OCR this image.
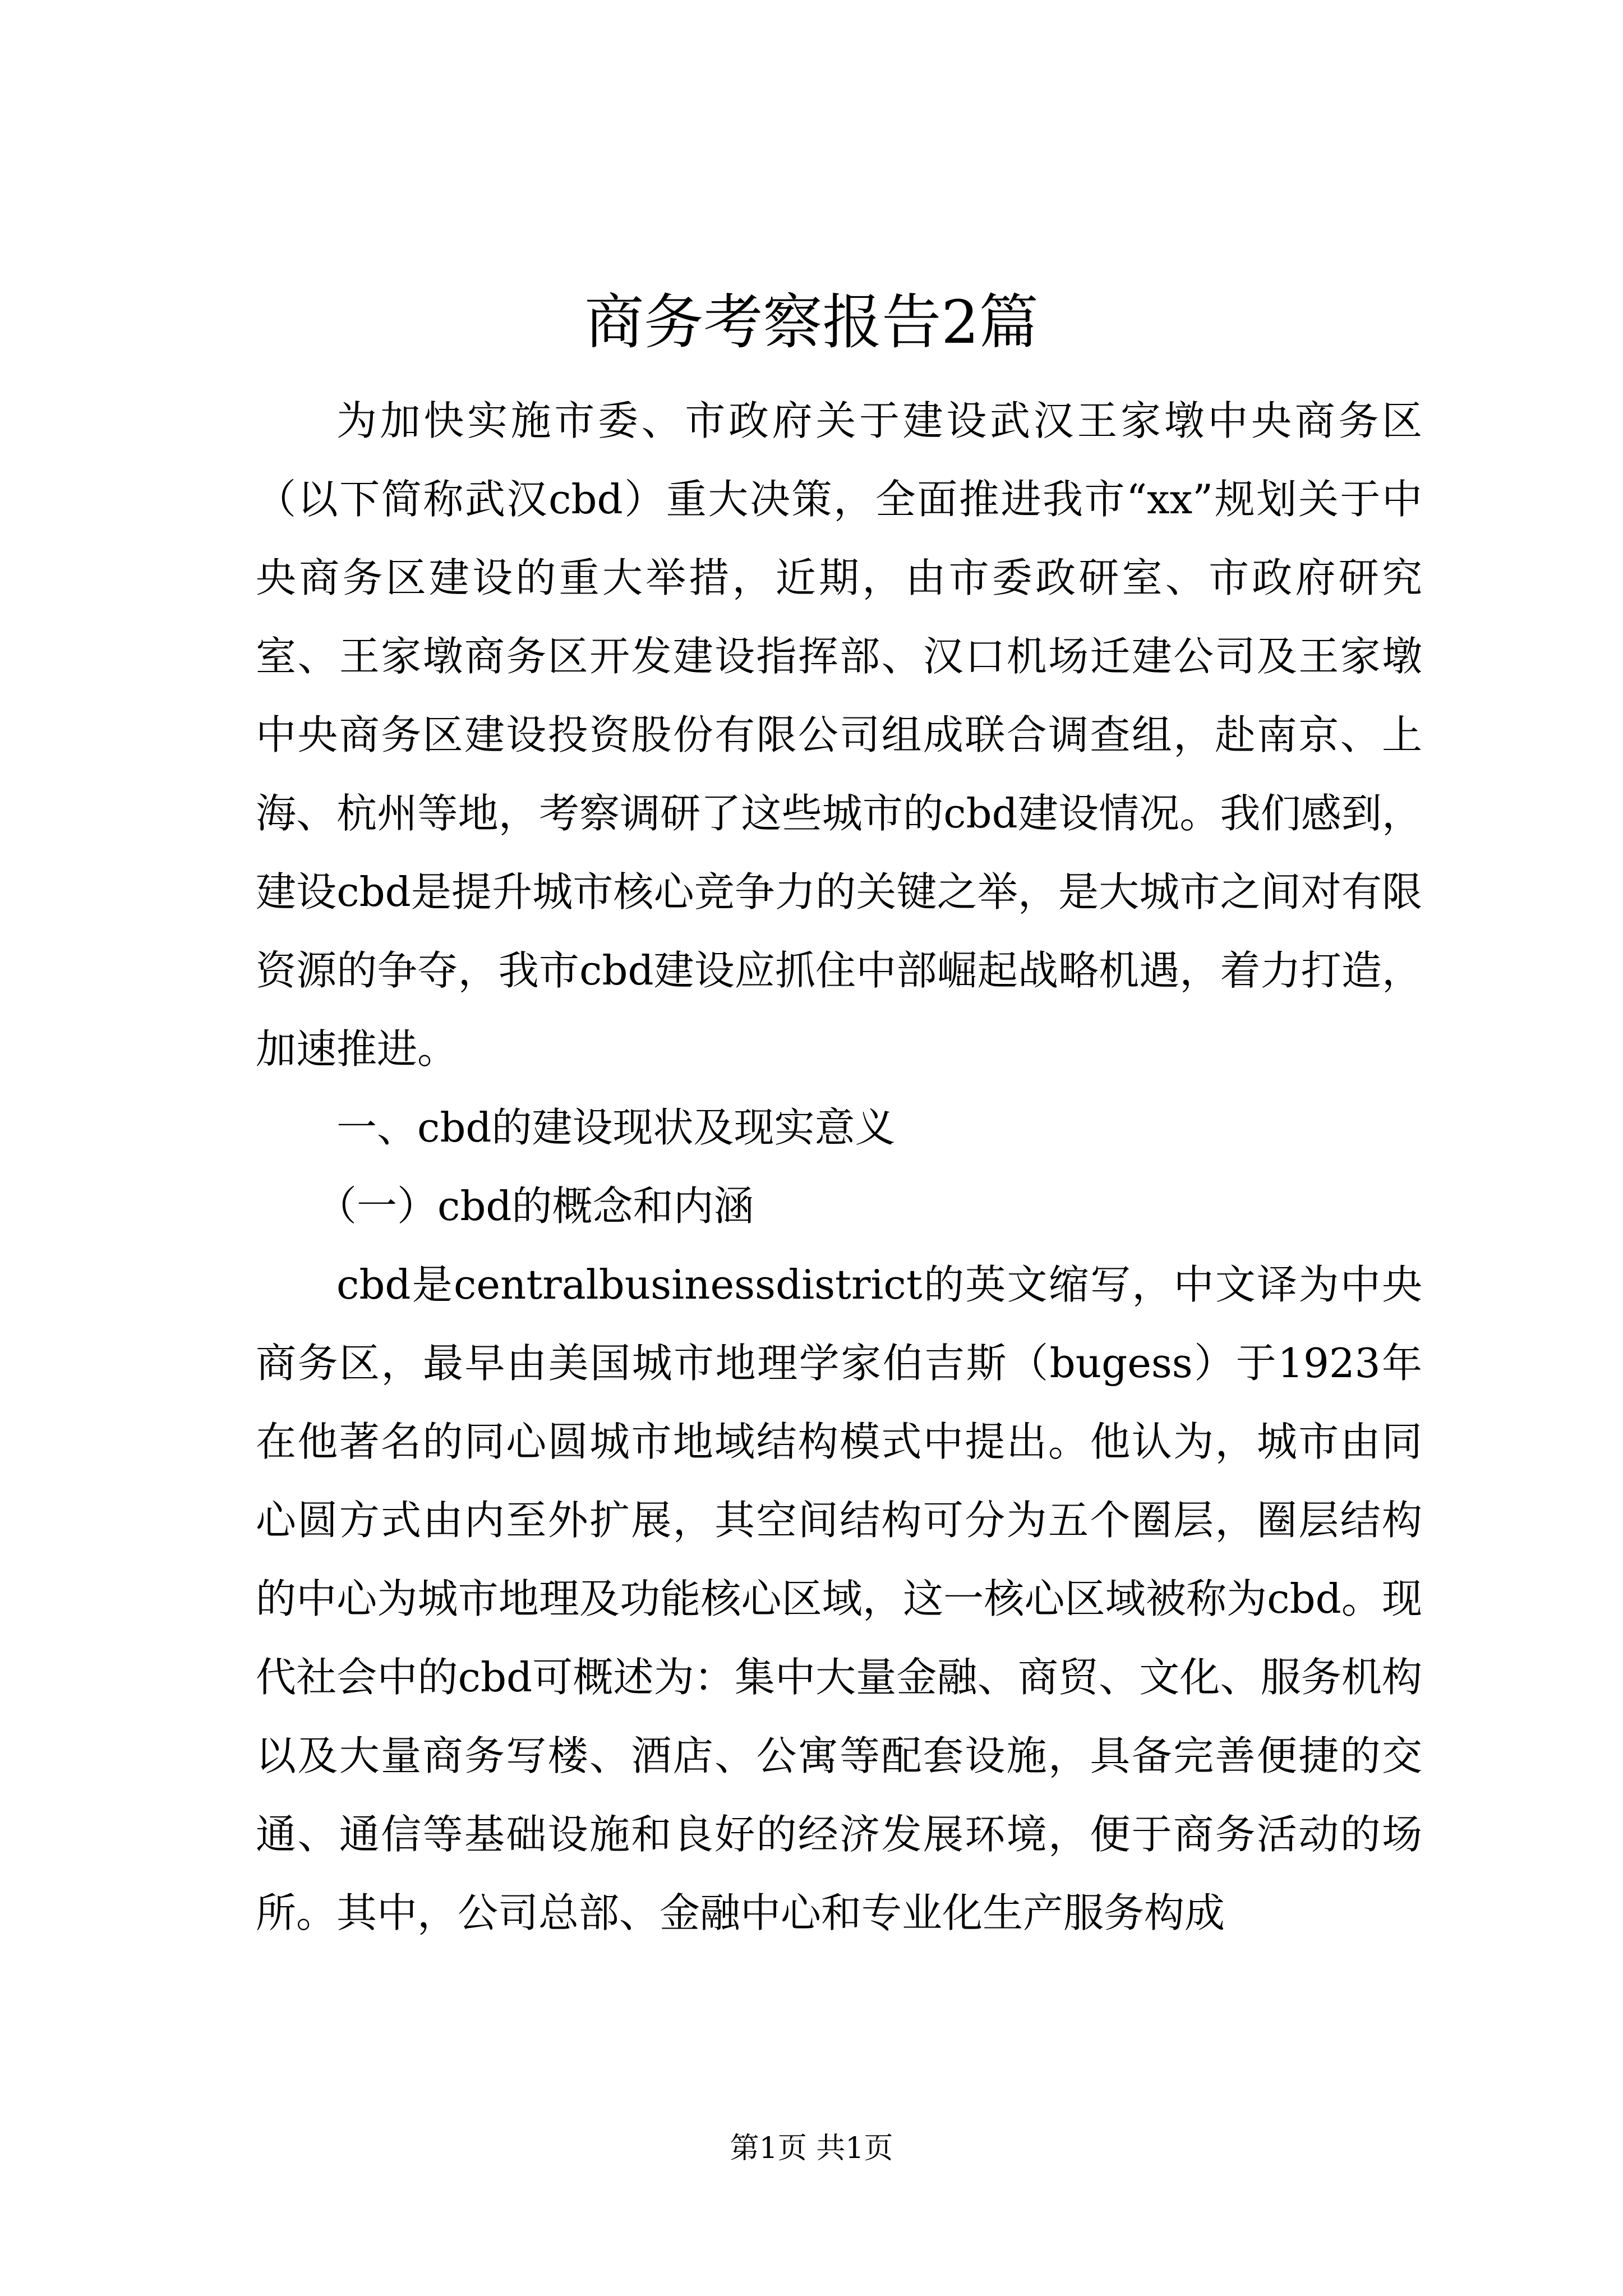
商务考察报告2篇

为加快实施市委、市政府关于建设武汉王家墩中央商务区（以下简称武汉cbd）重大决策，全面推进我市“xx”规划关于中央商务区建设的重大举措，近期，由市委政研室、市政府研究室、王家墩商务区开发建设指挥部、汉口机场迁建公司及王家墩中央商务区建设投资股份有限公司组成联合调查组，赴南京、上海、杭州等地，考察调研了这些城市的cbd建设情况。我们感到，建设cbd是提升城市核心竞争力的关键之举，是大城市之间对有限资源的争夺，我市cbd建设应抓住中部崛起战略机遇，着力打造，加速推进。

一、cbd的建设现状及现实意义

（一）cbd的概念和内涵

cbd是centralbusinessdistrict的英文缩写，中文译为中央商务区，最早由美国城市地理学家伯吉斯（bugess）于1923年在他著名的同心圆城市地域结构模式中提出。他认为，城市由同心圆方式由内至外扩展，其空间结构可分为五个圈层，圈层结构的中心为城市地理及功能核心区域，这一核心区域被称为cbd。现代社会中的cbd可概述为：集中大量金融、商贸、文化、服务机构以及大量商务写楼、酒店、公寓等配套设施，具备完善便捷的交通、通信等基础设施和良好的经济发展环境，便于商务活动的场所。其中，公司总部、金融中心和专业化生产服务构成

第1页 共1页
